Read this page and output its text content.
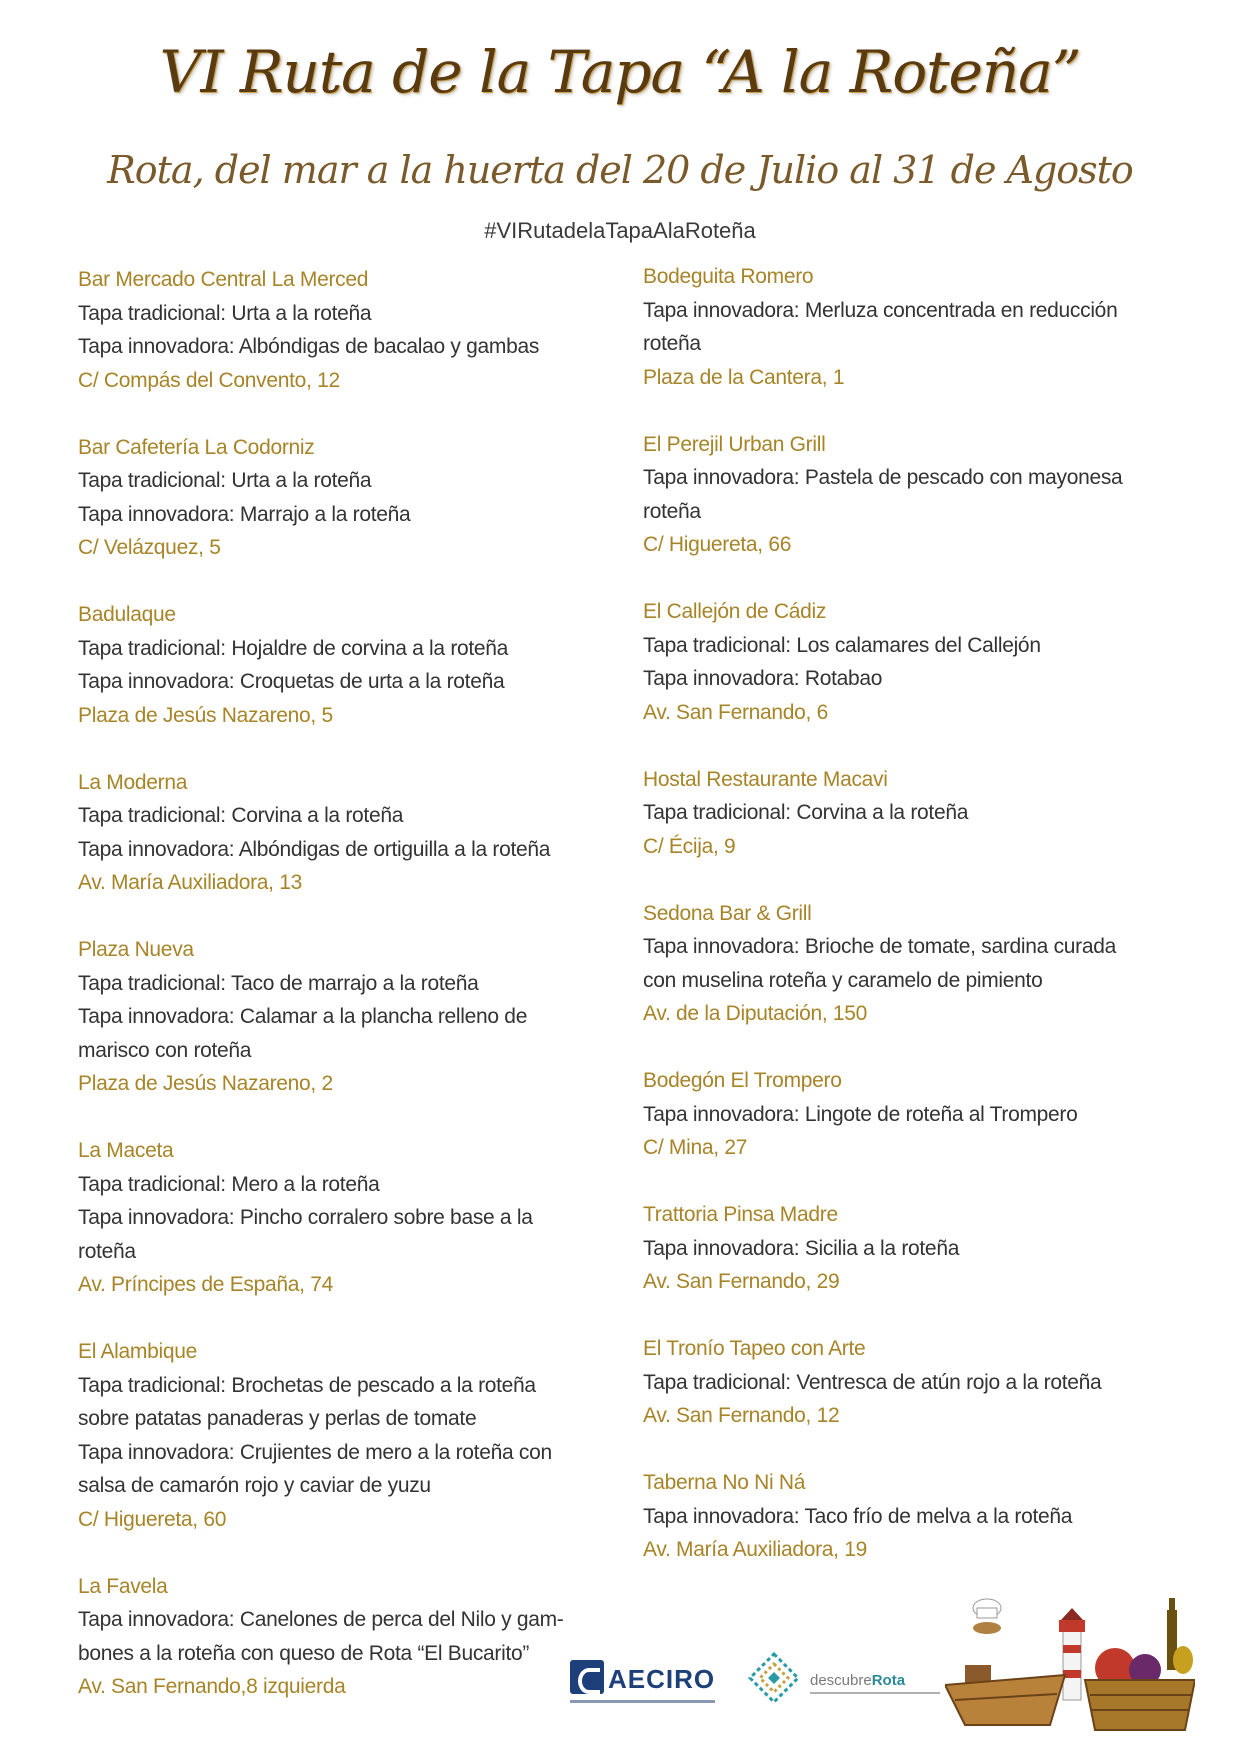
VI Ruta de la Tapa “A la Roteña”
Rota, del mar a la huerta del 20 de Julio al 31 de Agosto
#VIRutadelaTapaAlaRoteña
Bar Mercado Central La Merced
Tapa tradicional: Urta a la roteña
Tapa innovadora: Albóndigas de bacalao y gambas
C/ Compás del Convento, 12
Bar Cafetería La Codorniz
Tapa tradicional: Urta a la roteña
Tapa innovadora: Marrajo a la roteña
C/ Velázquez, 5
Badulaque
Tapa tradicional: Hojaldre de corvina a la roteña
Tapa innovadora: Croquetas de urta a la roteña
Plaza de Jesús Nazareno, 5
La Moderna
Tapa tradicional: Corvina a la roteña
Tapa innovadora: Albóndigas de ortiguilla a la roteña
Av. María Auxiliadora, 13
Plaza Nueva
Tapa tradicional: Taco de marrajo a la roteña
Tapa innovadora: Calamar a la plancha relleno de
marisco con roteña
Plaza de Jesús Nazareno, 2
La Maceta
Tapa tradicional: Mero a la roteña
Tapa innovadora: Pincho corralero sobre base a la
roteña
Av. Príncipes de España, 74
El Alambique
Tapa tradicional: Brochetas de pescado a la roteña
sobre patatas panaderas y perlas de tomate
Tapa innovadora: Crujientes de mero a la roteña con
salsa de camarón rojo y caviar de yuzu
C/ Higuereta, 60
La Favela
Tapa innovadora: Canelones de perca del Nilo y gam-
bones a la roteña con queso de Rota “El Bucarito”
Av. San Fernando,8 izquierda
Bodeguita Romero
Tapa innovadora: Merluza concentrada en reducción
roteña
Plaza de la Cantera, 1
El Perejil Urban Grill
Tapa innovadora: Pastela de pescado con mayonesa
roteña
C/ Higuereta, 66
El Callejón de Cádiz
Tapa tradicional: Los calamares del Callejón
Tapa innovadora: Rotabao
Av. San Fernando, 6
Hostal Restaurante Macavi
Tapa tradicional: Corvina a la roteña
C/ Écija, 9
Sedona Bar & Grill
Tapa innovadora: Brioche de tomate, sardina curada
con muselina roteña y caramelo de pimiento
Av. de la Diputación, 150
Bodegón El Trompero
Tapa innovadora: Lingote de roteña al Trompero
C/ Mina, 27
Trattoria Pinsa Madre
Tapa innovadora: Sicilia a la roteña
Av. San Fernando, 29
El Tronío Tapeo con Arte
Tapa tradicional: Ventresca de atún rojo a la roteña
Av. San Fernando, 12
Taberna No Ni Ná
Tapa innovadora: Taco frío de melva a la roteña
Av. María Auxiliadora, 19
AECIRO	descubreRota
